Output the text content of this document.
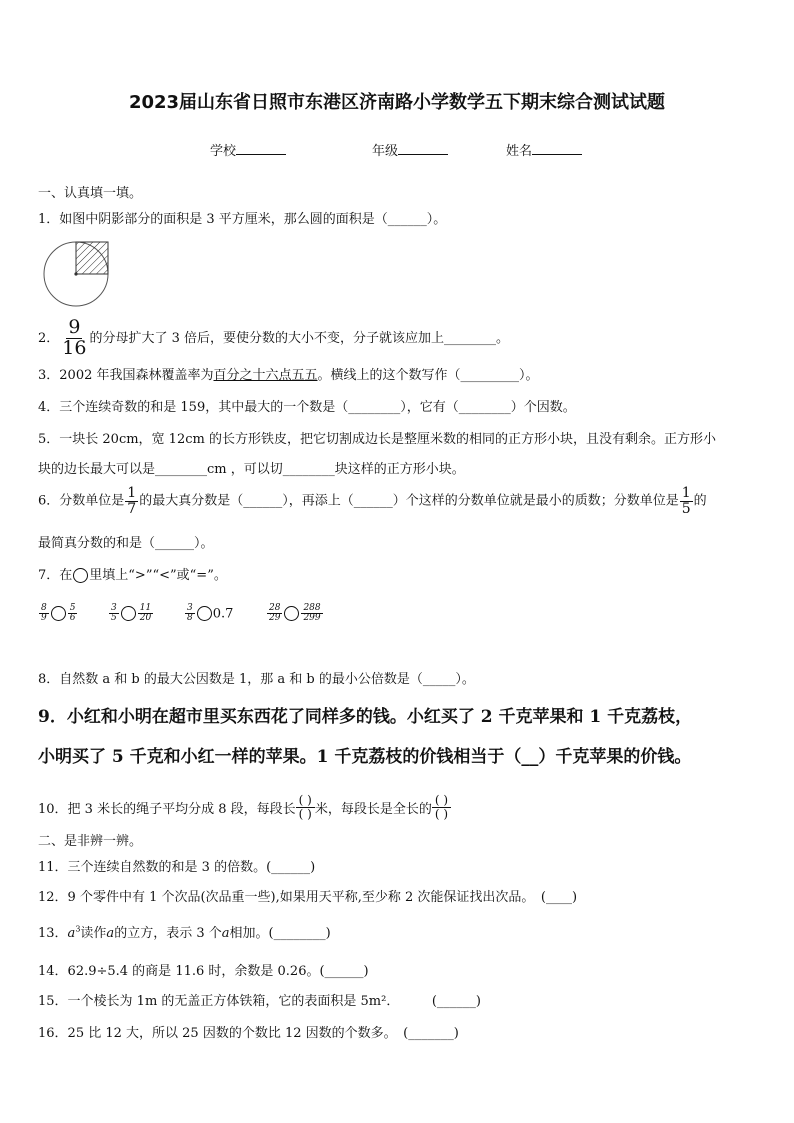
2023届山东省日照市东港区济南路小学数学五下期末综合测试试题
学校	年级	姓名
一、认真填一填。
1．如图中阴影部分的面积是 3 平方厘米，那么圆的面积是（______）。
2． $\frac{9}{16}$ 的分母扩大了 3 倍后，要使分数的大小不变，分子就该应加上________。
3．2002 年我国森林覆盖率为百分之十六点五五。横线上的这个数写作（_________）。
4．三个连续奇数的和是 159，其中最大的一个数是（________），它有（________）个因数。
5．一块长 20cm，宽 12cm 的长方形铁皮，把它切割成边长是整厘米数的相同的正方形小块，且没有剩余。正方形小
块的边长最大可以是________cm ，可以切________块这样的正方形小块。
6．分数单位是 $\frac{1}{7}$ 的最大真分数是（______），再添上（______）个这样的分数单位就是最小的质数；分数单位是 $\frac{1}{5}$ 的
最简真分数的和是（______）。
7．在 里填上“>”“<”或“=”。
$\frac{8}{9} \frac{5}{6}$	$\frac{3}{5} \frac{11}{20}$	$\frac{3}{8} 0.7$	$\frac{28}{29} \frac{288}{299}$
8．自然数 a 和 b 的最大公因数是 1，那 a 和 b 的最小公倍数是（_____）。
9．小红和小明在超市里买东西花了同样多的钱。小红买了 2 千克苹果和 1 千克荔枝，
小明买了 5 千克和小红一样的苹果。1 千克荔枝的价钱相当于（__）千克苹果的价钱。
10．把 3 米长的绳子平均分成 8 段，每段长
( )
( ) 米，每段长是全长的
( )
( )
二、是非辨一辨。
11．三个连续自然数的和是 3 的倍数。(______)
12．9 个零件中有 1 个次品(次品重一些),如果用天平称,至少称 2 次能保证找出次品。　(____)
13．$a^3$读作a的立方，表示 3 个a相加。(________)
14．62.9÷5.4 的商是 11.6 时，余数是 0.26。(______)
15．一个棱长为 1m 的无盖正方体铁箱，它的表面积是 5m²．　　　(______)
16．25 比 12 大，所以 25 因数的个数比 12 因数的个数多。　(_______)
